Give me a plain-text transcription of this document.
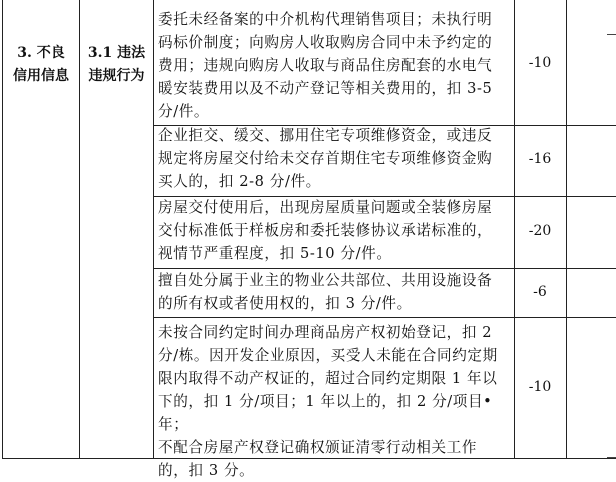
3. 不良
信用信息
3.1 违法
违规行为
委托未经备案的中介机构代理销售项目；未执行明
码标价制度；向购房人收取购房合同中未予约定的
费用；违规向购房人收取与商品住房配套的水电气
暖安装费用以及不动产登记等相关费用的，扣 3-5
分/件。
-10
企业拒交、缓交、挪用住宅专项维修资金，或违反
规定将房屋交付给未交存首期住宅专项维修资金购
买人的，扣 2-8 分/件。
-16
房屋交付使用后，出现房屋质量问题或全装修房屋
交付标准低于样板房和委托装修协议承诺标准的，
视情节严重程度，扣 5-10 分/件。
-20
擅自处分属于业主的物业公共部位、共用设施设备
的所有权或者使用权的，扣 3 分/件。
-6
未按合同约定时间办理商品房产权初始登记，扣 2
分/栋。因开发企业原因，买受人未能在合同约定期
限内取得不动产权证的，超过合同约定期限 1 年以
下的，扣 1 分/项目；1 年以上的，扣 2 分/项目•年；
不配合房屋产权登记确权颁证清零行动相关工作
的，扣 3 分。
-10
